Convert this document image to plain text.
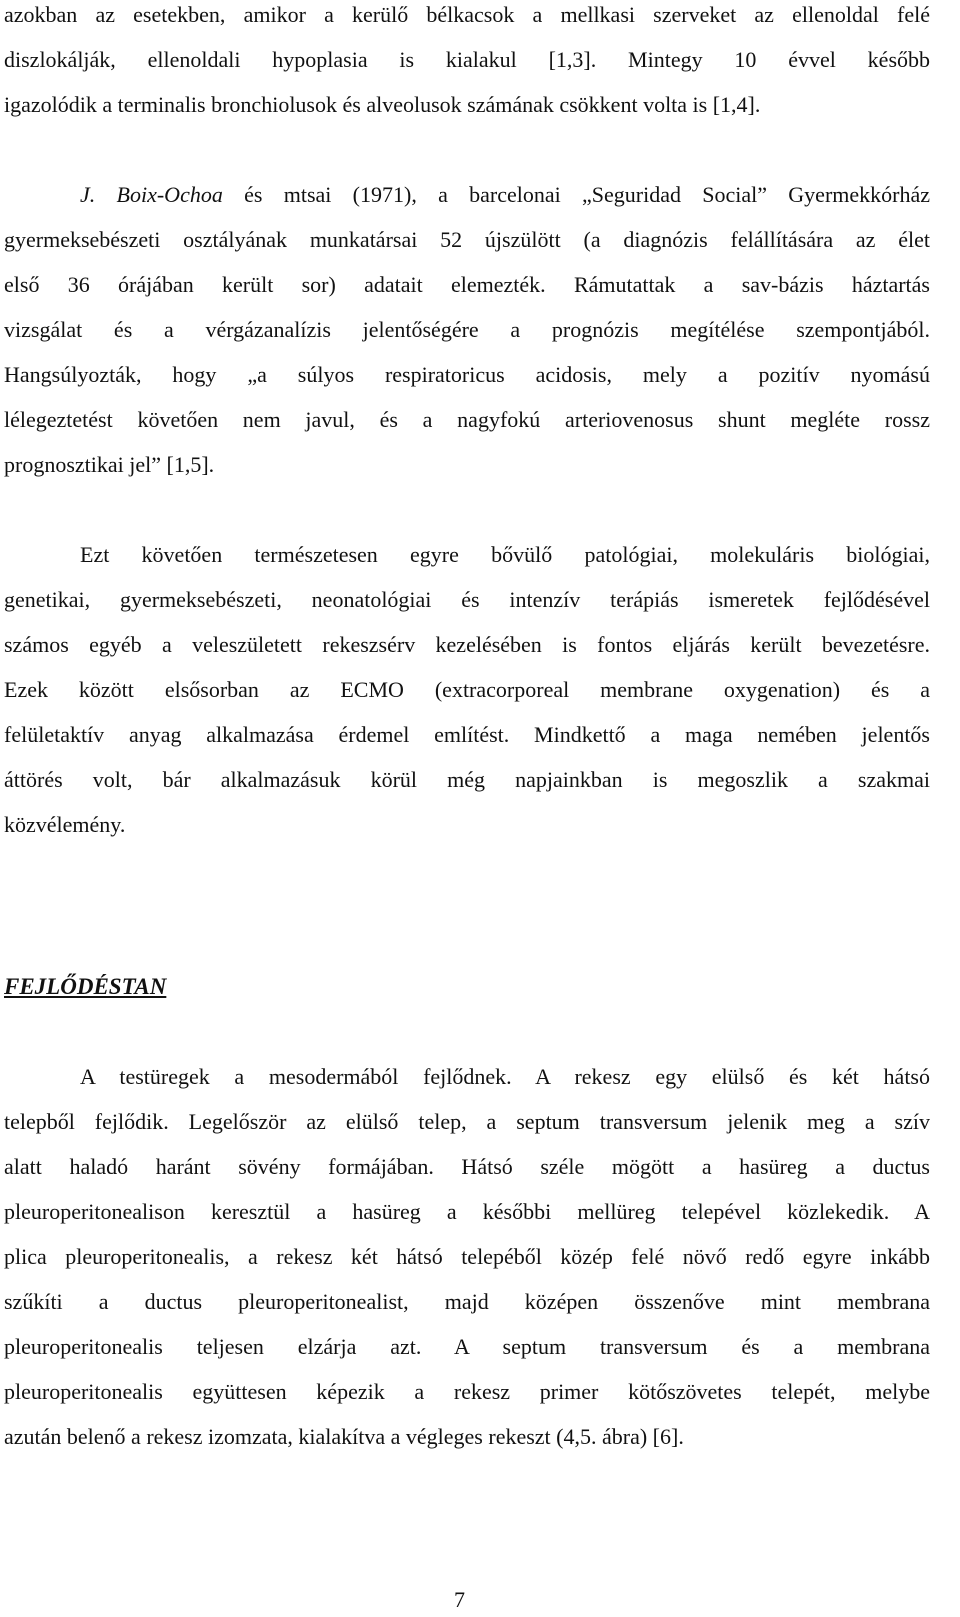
azokban az esetekben, amikor a kerülő bélkacsok a mellkasi szerveket az ellenoldal felé
diszlokálják, ellenoldali hypoplasia is kialakul [1,3]. Mintegy 10 évvel később
igazolódik a terminalis bronchiolusok és alveolusok számának csökkent volta is [1,4].
J. Boix-Ochoa és mtsai (1971), a barcelonai „Seguridad Social” Gyermekkórház
gyermeksebészeti osztályának munkatársai 52 újszülött (a diagnózis felállítására az élet
első 36 órájában került sor) adatait elemezték. Rámutattak a sav-bázis háztartás
vizsgálat és a vérgázanalízis jelentőségére a prognózis megítélése szempontjából.
Hangsúlyozták, hogy „a súlyos respiratoricus acidosis, mely a pozitív nyomású
lélegeztetést követően nem javul, és a nagyfokú arteriovenosus shunt megléte rossz
prognosztikai jel” [1,5].
Ezt követően természetesen egyre bővülő patológiai, molekuláris biológiai,
genetikai, gyermeksebészeti, neonatológiai és intenzív terápiás ismeretek fejlődésével
számos egyéb a veleszületett rekeszsérv kezelésében is fontos eljárás került bevezetésre.
Ezek között elsősorban az ECMO (extracorporeal membrane oxygenation) és a
felületaktív anyag alkalmazása érdemel említést. Mindkettő a maga nemében jelentős
áttörés volt, bár alkalmazásuk körül még napjainkban is megoszlik a szakmai
közvélemény.
FEJLŐDÉSTAN
A testüregek a mesodermából fejlődnek. A rekesz egy elülső és két hátsó
telepből fejlődik. Legelőször az elülső telep, a septum transversum jelenik meg a szív
alatt haladó haránt sövény formájában. Hátsó széle mögött a hasüreg a ductus
pleuroperitonealison keresztül a hasüreg a későbbi mellüreg telepével közlekedik. A
plica pleuroperitonealis, a rekesz két hátsó telepéből közép felé növő redő egyre inkább
szűkíti a ductus pleuroperitonealist, majd középen összenőve mint membrana
pleuroperitonealis teljesen elzárja azt. A septum transversum és a membrana
pleuroperitonealis együttesen képezik a rekesz primer kötőszövetes telepét, melybe
azután belenő a rekesz izomzata, kialakítva a végleges rekeszt (4,5. ábra) [6].
7
